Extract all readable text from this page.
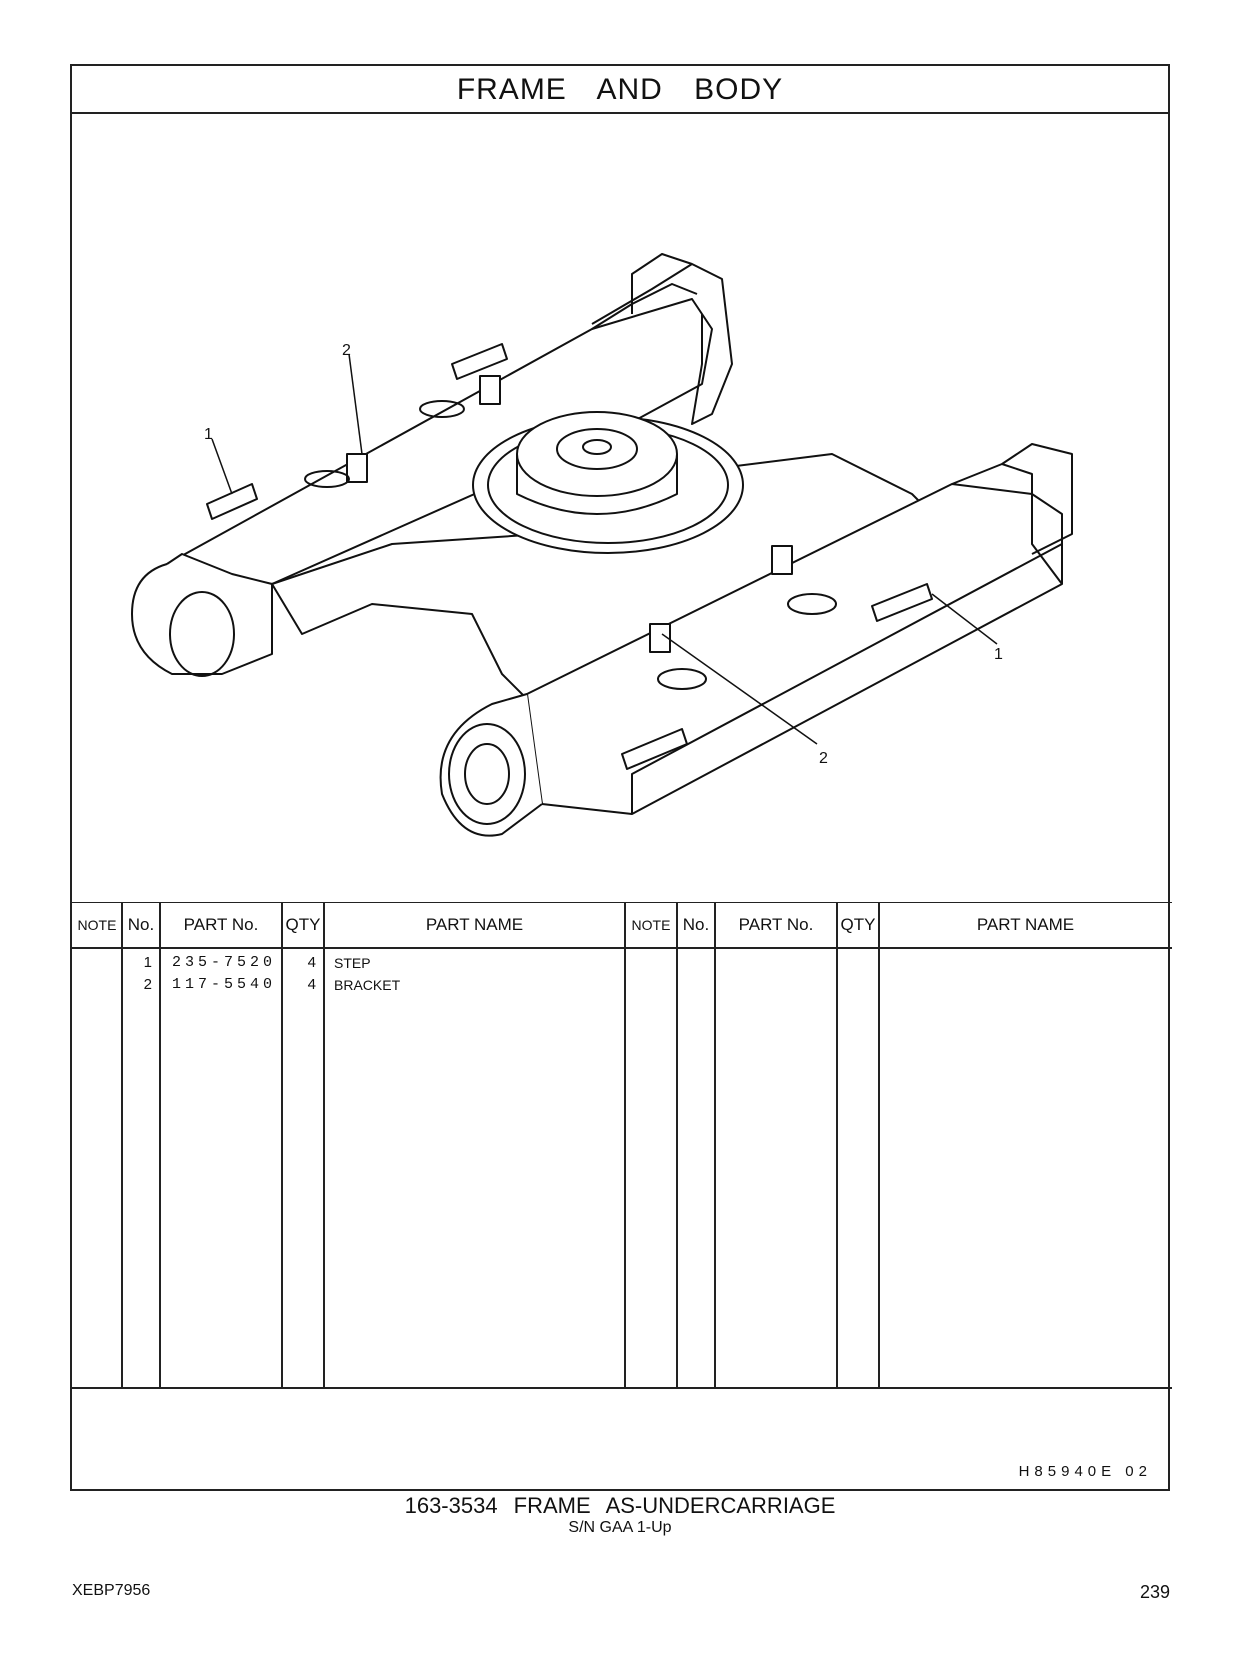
FRAME AND BODY
2
1
1
2
NOTE No.	PART No.	QTY	PART NAME	NOTE No.	PART No.	QTY	PART NAME
1 235-7520	4 STEP
2 117-5540	4 BRACKET
H85940E 02
163-3534 FRAME AS-UNDERCARRIAGE
S/N GAA 1-Up
XEBP7956	239
